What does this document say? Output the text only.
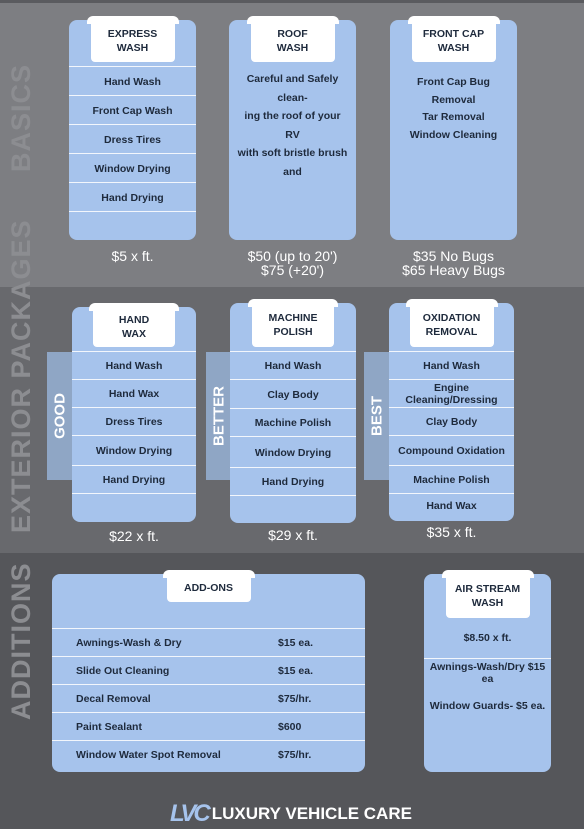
BASICS
EXTERIOR PACKAGES
ADDITIONS
EXPRESS
WASH
Hand Wash
Front Cap Wash
Dress Tires
Window Drying
Hand Drying
$5 x ft.
ROOF
WASH
Careful and Safely clean-
ing the roof of your RV
with soft bristle brush
and
$50 (up to 20')
$75 (+20')
FRONT CAP
WASH
Front Cap Bug Removal
Tar Removal
Window Cleaning
$35 No Bugs
$65 Heavy Bugs
GOOD	BETTER	BEST
HAND
WAX
Hand Wash
Hand Wax
Dress Tires
Window Drying
Hand Drying
$22 x ft.
MACHINE
POLISH
Hand Wash
Clay Body
Machine Polish
Window Drying
Hand Drying
$29 x ft.
OXIDATION
REMOVAL
Hand Wash
Engine Cleaning/Dressing
Clay Body
Compound Oxidation
Machine Polish
Hand Wax
$35 x ft.
ADD-ONS
Awnings-Wash & Dry	$15 ea.
Slide Out Cleaning	$15 ea.
Decal Removal	$75/hr.
Paint Sealant	$600
Window Water Spot Removal	$75/hr.
AIR STREAM
WASH
$8.50 x ft.
Awnings-Wash/Dry $15 ea
Window Guards- $5 ea.
LVC LUXURY VEHICLE CARE
